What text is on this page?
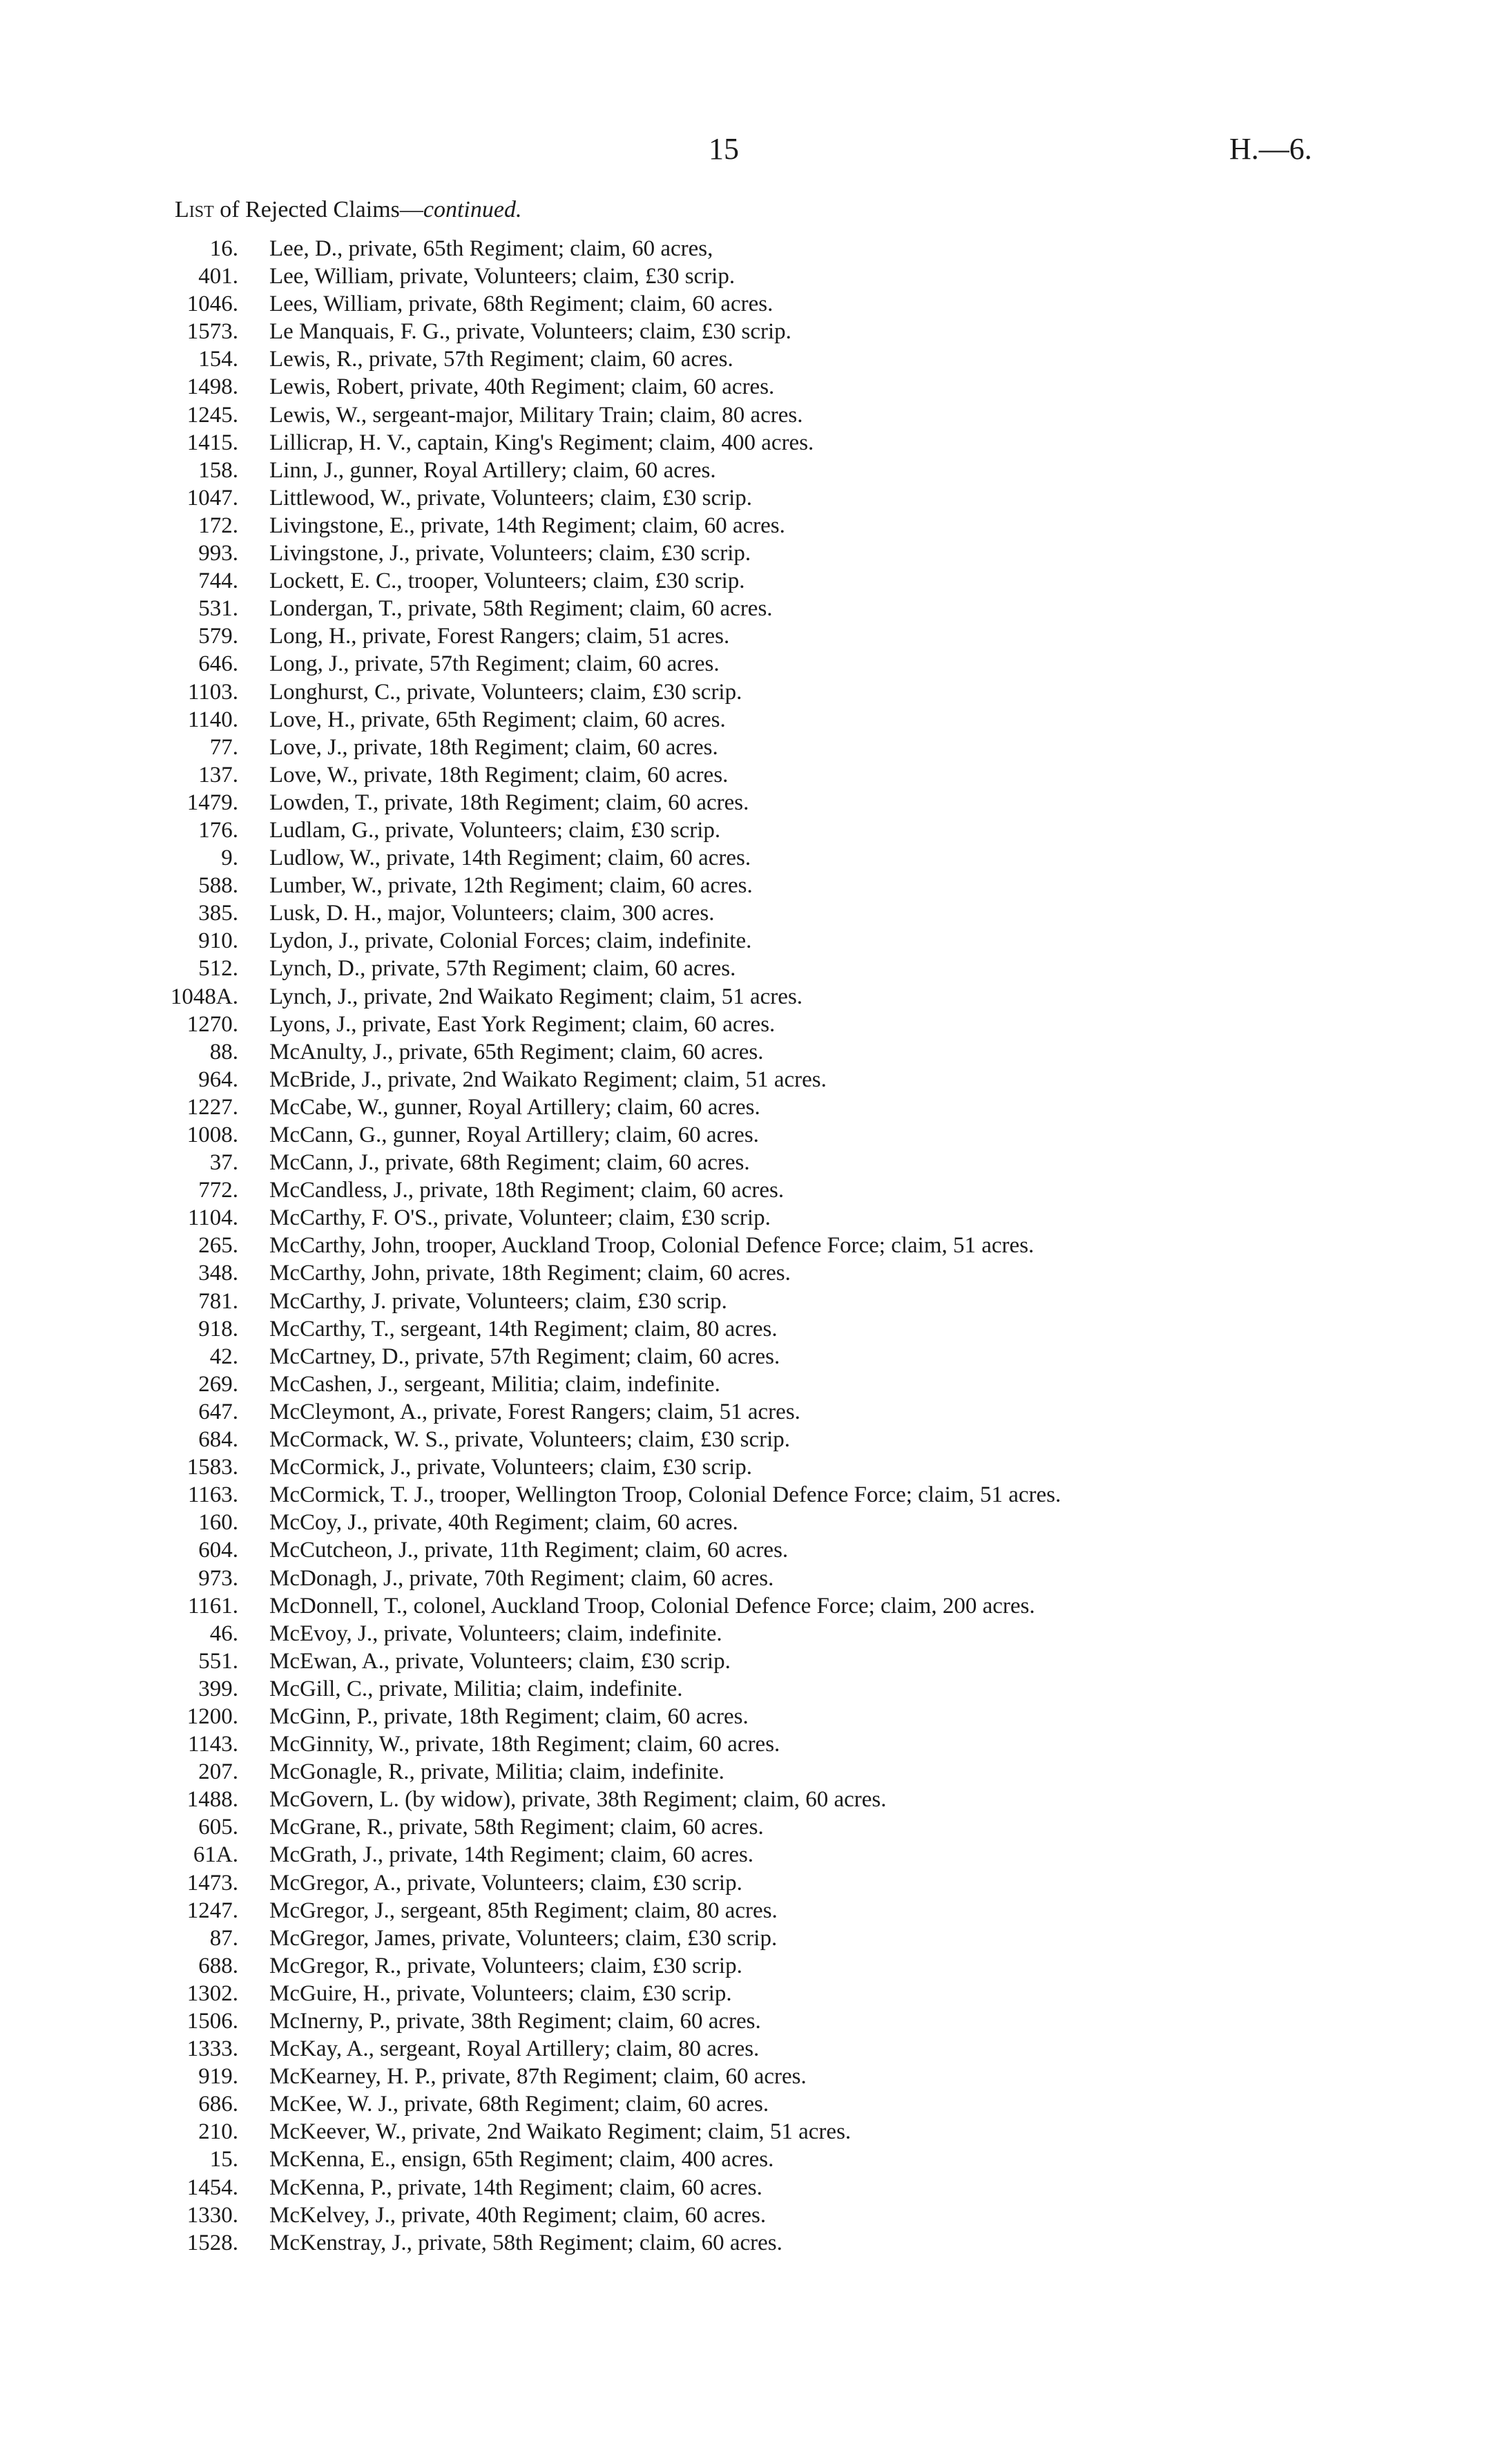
15	H.—6.
List of Rejected Claims—continued.
16. Lee, D., private, 65th Regiment; claim, 60 acres,
401. Lee, William, private, Volunteers; claim, £30 scrip.
1046. Lees, William, private, 68th Regiment; claim, 60 acres.
1573. Le Manquais, F. G., private, Volunteers; claim, £30 scrip.
154. Lewis, R., private, 57th Regiment; claim, 60 acres.
1498. Lewis, Robert, private, 40th Regiment; claim, 60 acres.
1245. Lewis, W., sergeant-major, Military Train; claim, 80 acres.
1415. Lillicrap, H. V., captain, King's Regiment; claim, 400 acres.
158. Linn, J., gunner, Royal Artillery; claim, 60 acres.
1047. Littlewood, W., private, Volunteers; claim, £30 scrip.
172. Livingstone, E., private, 14th Regiment; claim, 60 acres.
993. Livingstone, J., private, Volunteers; claim, £30 scrip.
744. Lockett, E. C., trooper, Volunteers; claim, £30 scrip.
531. Londergan, T., private, 58th Regiment; claim, 60 acres.
579. Long, H., private, Forest Rangers; claim, 51 acres.
646. Long, J., private, 57th Regiment; claim, 60 acres.
1103. Longhurst, C., private, Volunteers; claim, £30 scrip.
1140. Love, H., private, 65th Regiment; claim, 60 acres.
77. Love, J., private, 18th Regiment; claim, 60 acres.
137. Love, W., private, 18th Regiment; claim, 60 acres.
1479. Lowden, T., private, 18th Regiment; claim, 60 acres.
176. Ludlam, G., private, Volunteers; claim, £30 scrip.
9. Ludlow, W., private, 14th Regiment; claim, 60 acres.
588. Lumber, W., private, 12th Regiment; claim, 60 acres.
385. Lusk, D. H., major, Volunteers; claim, 300 acres.
910. Lydon, J., private, Colonial Forces; claim, indefinite.
512. Lynch, D., private, 57th Regiment; claim, 60 acres.
1048A. Lynch, J., private, 2nd Waikato Regiment; claim, 51 acres.
1270. Lyons, J., private, East York Regiment; claim, 60 acres.
88. McAnulty, J., private, 65th Regiment; claim, 60 acres.
964. McBride, J., private, 2nd Waikato Regiment; claim, 51 acres.
1227. McCabe, W., gunner, Royal Artillery; claim, 60 acres.
1008. McCann, G., gunner, Royal Artillery; claim, 60 acres.
37. McCann, J., private, 68th Regiment; claim, 60 acres.
772. McCandless, J., private, 18th Regiment; claim, 60 acres.
1104. McCarthy, F. O'S., private, Volunteer; claim, £30 scrip.
265. McCarthy, John, trooper, Auckland Troop, Colonial Defence Force; claim, 51 acres.
348. McCarthy, John, private, 18th Regiment; claim, 60 acres.
781. McCarthy, J. private, Volunteers; claim, £30 scrip.
918. McCarthy, T., sergeant, 14th Regiment; claim, 80 acres.
42. McCartney, D., private, 57th Regiment; claim, 60 acres.
269. McCashen, J., sergeant, Militia; claim, indefinite.
647. McCleymont, A., private, Forest Rangers; claim, 51 acres.
684. McCormack, W. S., private, Volunteers; claim, £30 scrip.
1583. McCormick, J., private, Volunteers; claim, £30 scrip.
1163. McCormick, T. J., trooper, Wellington Troop, Colonial Defence Force; claim, 51 acres.
160. McCoy, J., private, 40th Regiment; claim, 60 acres.
604. McCutcheon, J., private, 11th Regiment; claim, 60 acres.
973. McDonagh, J., private, 70th Regiment; claim, 60 acres.
1161. McDonnell, T., colonel, Auckland Troop, Colonial Defence Force; claim, 200 acres.
46. McEvoy, J., private, Volunteers; claim, indefinite.
551. McEwan, A., private, Volunteers; claim, £30 scrip.
399. McGill, C., private, Militia; claim, indefinite.
1200. McGinn, P., private, 18th Regiment; claim, 60 acres.
1143. McGinnity, W., private, 18th Regiment; claim, 60 acres.
207. McGonagle, R., private, Militia; claim, indefinite.
1488. McGovern, L. (by widow), private, 38th Regiment; claim, 60 acres.
605. McGrane, R., private, 58th Regiment; claim, 60 acres.
61A. McGrath, J., private, 14th Regiment; claim, 60 acres.
1473. McGregor, A., private, Volunteers; claim, £30 scrip.
1247. McGregor, J., sergeant, 85th Regiment; claim, 80 acres.
87. McGregor, James, private, Volunteers; claim, £30 scrip.
688. McGregor, R., private, Volunteers; claim, £30 scrip.
1302. McGuire, H., private, Volunteers; claim, £30 scrip.
1506. McInerny, P., private, 38th Regiment; claim, 60 acres.
1333. McKay, A., sergeant, Royal Artillery; claim, 80 acres.
919. McKearney, H. P., private, 87th Regiment; claim, 60 acres.
686. McKee, W. J., private, 68th Regiment; claim, 60 acres.
210. McKeever, W., private, 2nd Waikato Regiment; claim, 51 acres.
15. McKenna, E., ensign, 65th Regiment; claim, 400 acres.
1454. McKenna, P., private, 14th Regiment; claim, 60 acres.
1330. McKelvey, J., private, 40th Regiment; claim, 60 acres.
1528. McKenstray, J., private, 58th Regiment; claim, 60 acres.
